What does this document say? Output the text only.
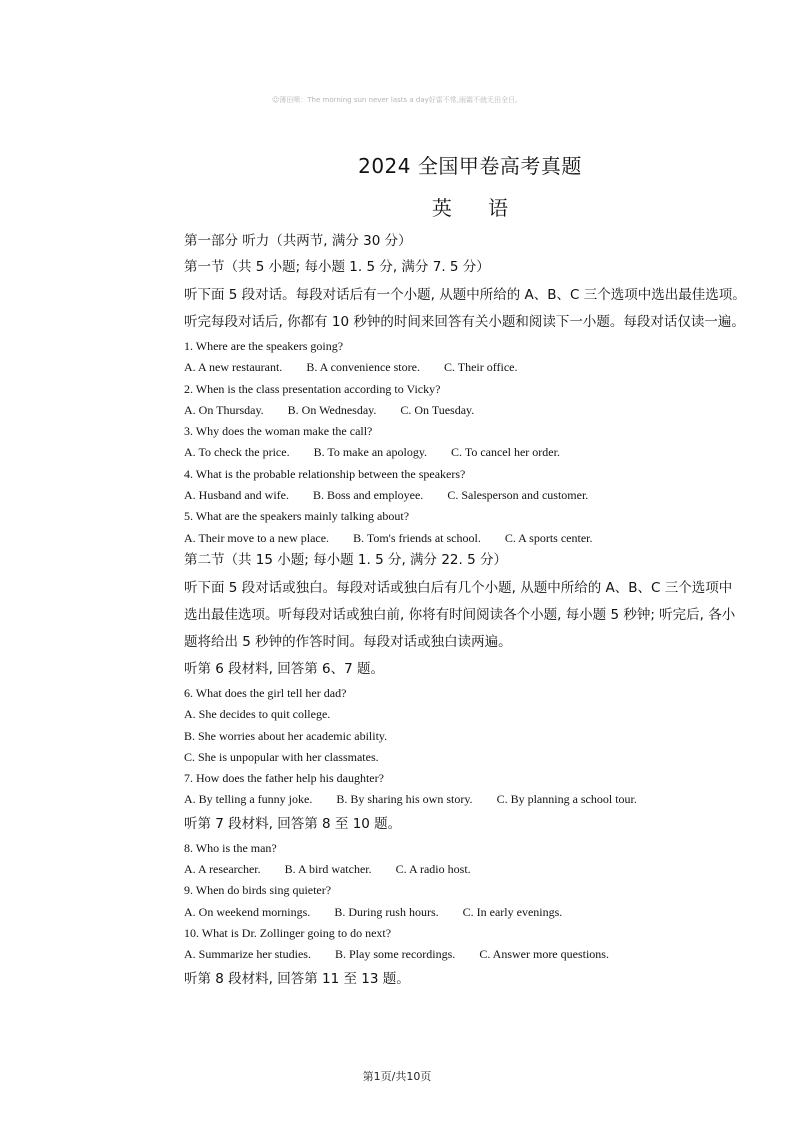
☺薄田喷：The morning sun never lasts a day好雷不常,雨霜不就无田全日。
2024 全国甲卷高考真题
英 语
第一部分 听力（共两节, 满分 30 分）
第一节（共 5 小题; 每小题 1. 5 分, 满分 7. 5 分）
听下面 5 段对话。每段对话后有一个小题, 从题中所给的 A、B、C 三个选项中选出最佳选项。
听完每段对话后, 你都有 10 秒钟的时间来回答有关小题和阅读下一小题。每段对话仅读一遍。
1. Where are the speakers going?
A. A new restaurant. B. A convenience store. C. Their office.
2. When is the class presentation according to Vicky?
A. On Thursday. B. On Wednesday. C. On Tuesday.
3. Why does the woman make the call?
A. To check the price. B. To make an apology. C. To cancel her order.
4. What is the probable relationship between the speakers?
A. Husband and wife. B. Boss and employee. C. Salesperson and customer.
5. What are the speakers mainly talking about?
A. Their move to a new place. B. Tom's friends at school. C. A sports center.
第二节（共 15 小题; 每小题 1. 5 分, 满分 22. 5 分）
听下面 5 段对话或独白。每段对话或独白后有几个小题, 从题中所给的 A、B、C 三个选项中
选出最佳选项。听每段对话或独白前, 你将有时间阅读各个小题, 每小题 5 秒钟; 听完后, 各小
题将给出 5 秒钟的作答时间。每段对话或独白读两遍。
听第 6 段材料, 回答第 6、7 题。
6. What does the girl tell her dad?
A. She decides to quit college.
B. She worries about her academic ability.
C. She is unpopular with her classmates.
7. How does the father help his daughter?
A. By telling a funny joke. B. By sharing his own story. C. By planning a school tour.
听第 7 段材料, 回答第 8 至 10 题。
8. Who is the man?
A. A researcher. B. A bird watcher. C. A radio host.
9. When do birds sing quieter?
A. On weekend mornings. B. During rush hours. C. In early evenings.
10. What is Dr. Zollinger going to do next?
A. Summarize her studies. B. Play some recordings. C. Answer more questions.
听第 8 段材料, 回答第 11 至 13 题。
第1页/共10页
